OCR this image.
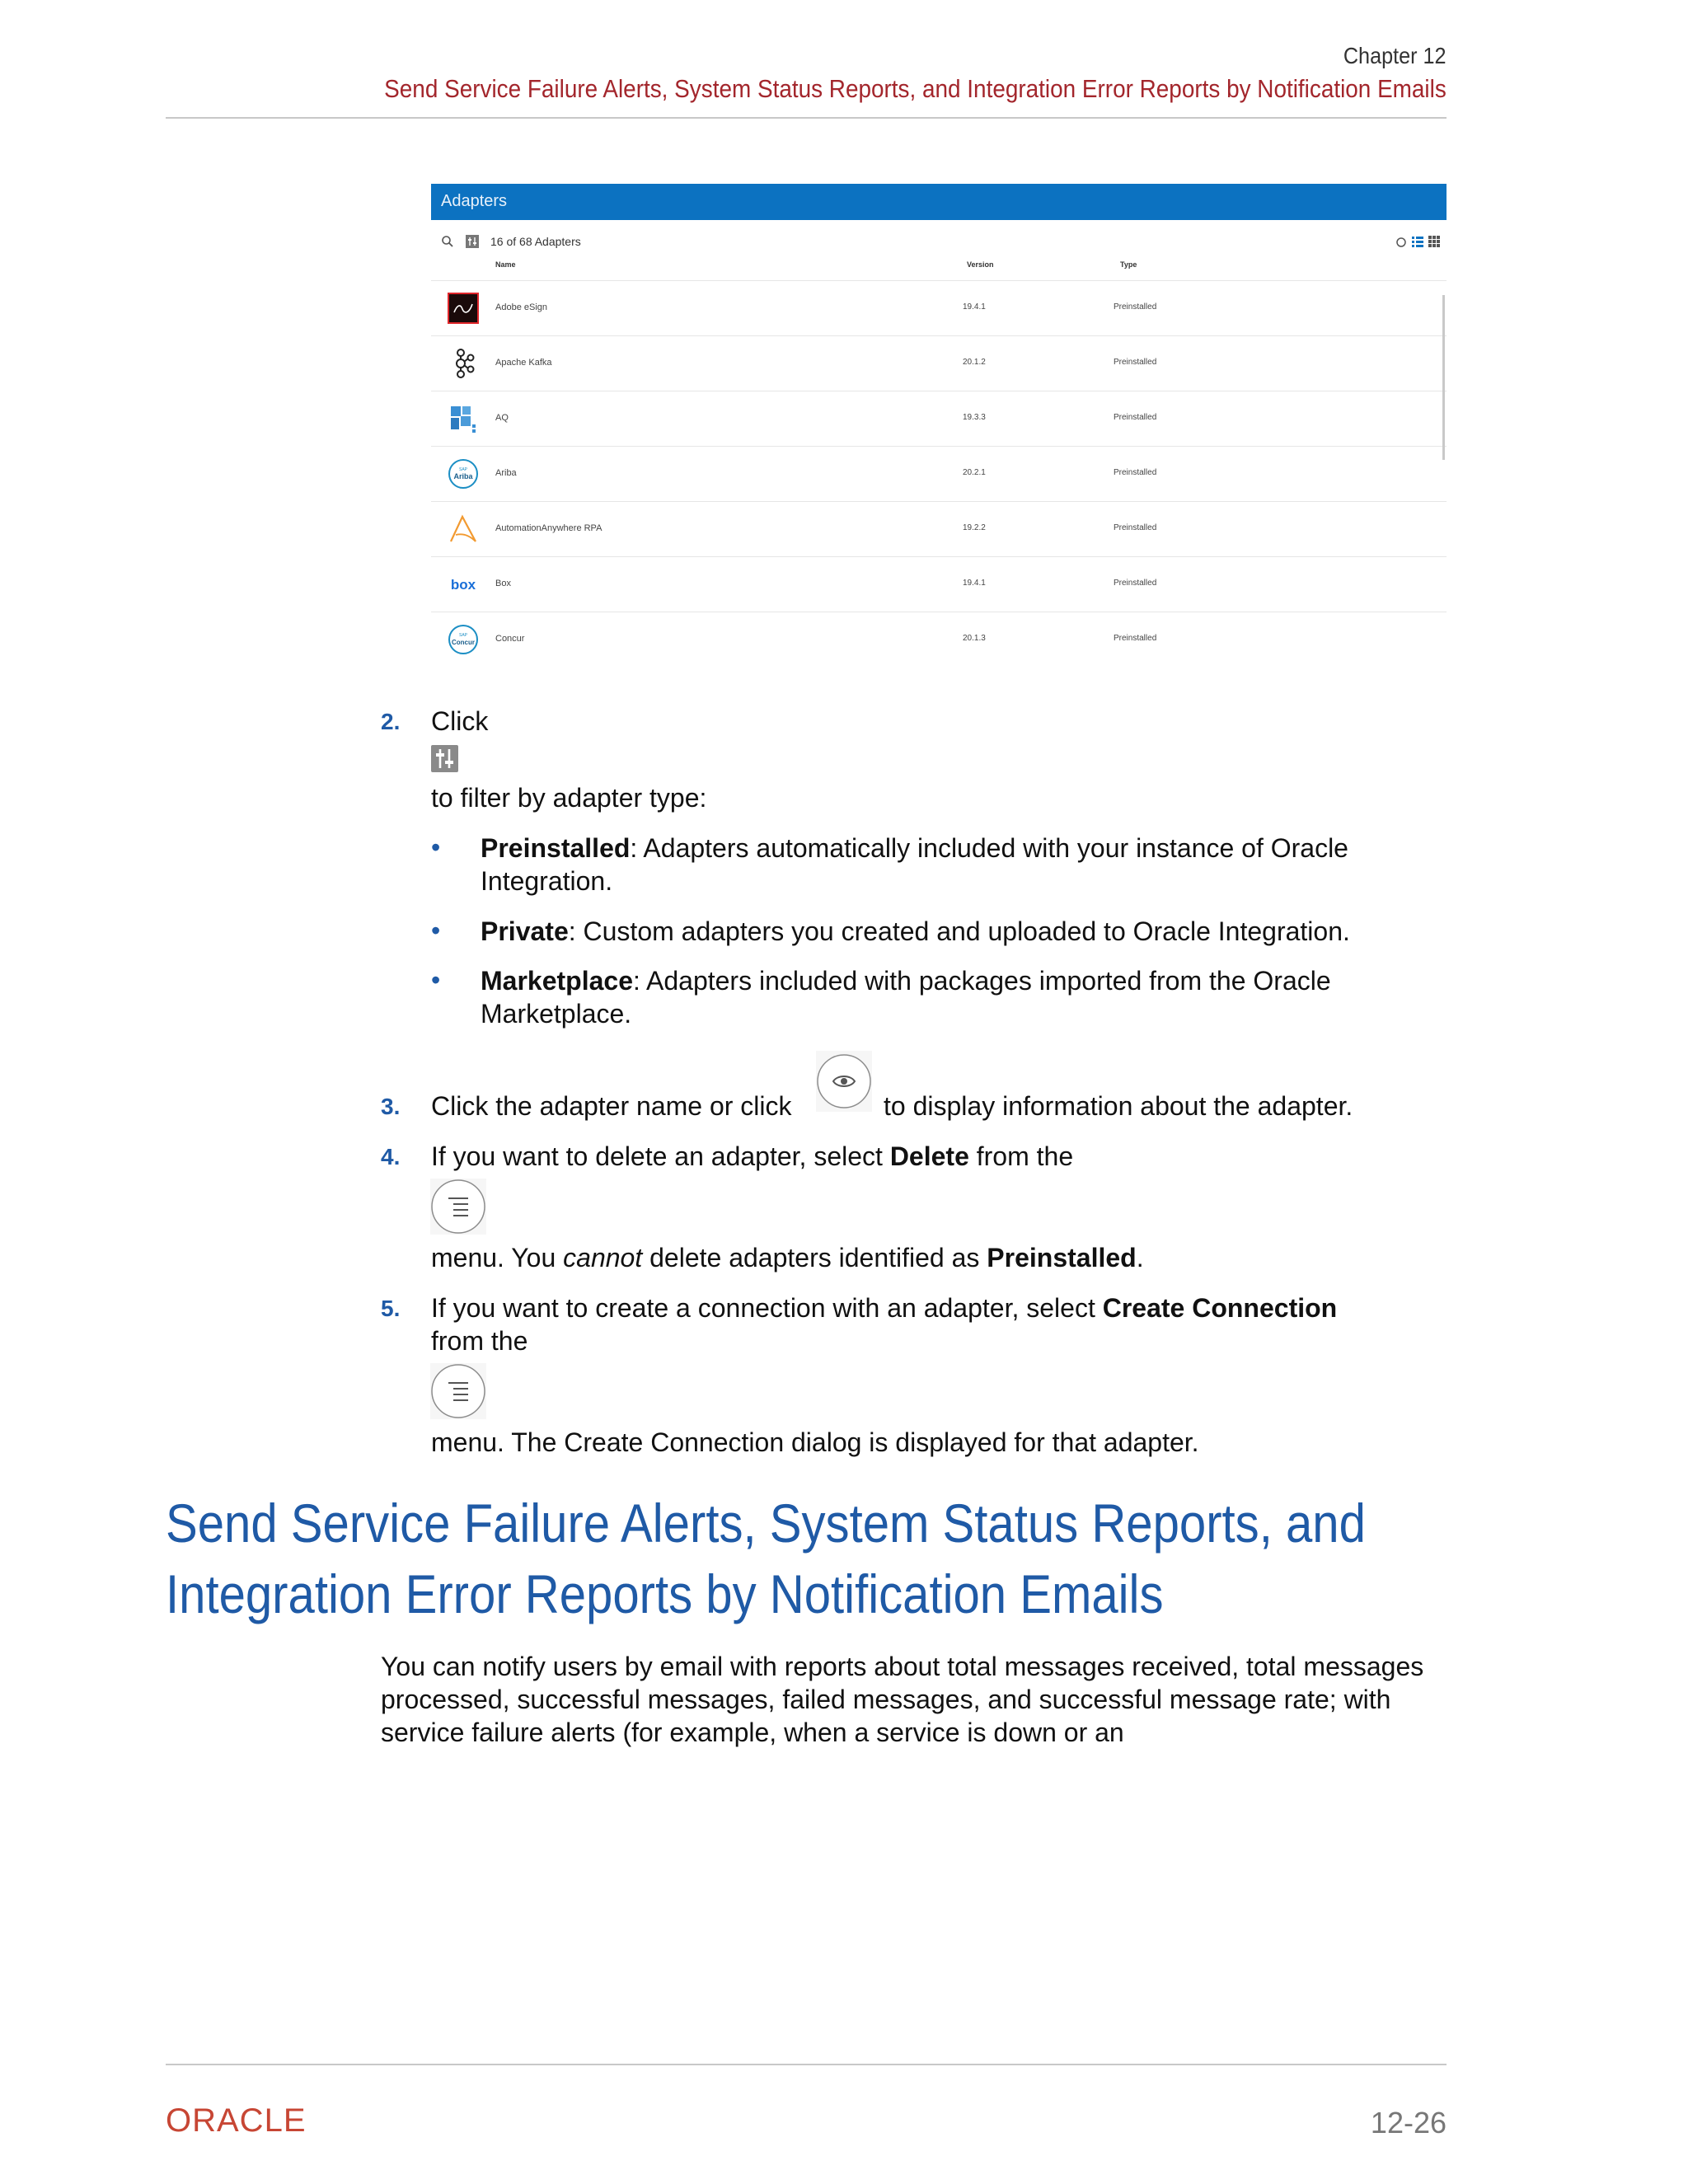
Chapter 12
Send Service Failure Alerts, System Status Reports, and Integration Error Reports by Notification Emails
Adapters
16 of 68 Adapters
Name	Version	Type
Adobe eSign	19.4.1	Preinstalled
Apache Kafka	20.1.2	Preinstalled
AQ	19.3.3	Preinstalled
SAP
Ariba Ariba	20.2.1	Preinstalled
AutomationAnywhere RPA	19.2.2	Preinstalled
box Box	19.4.1	Preinstalled
SAP
Concur Concur	20.1.3	Preinstalled
2. Click
to filter by adapter type:
• Preinstalled: Adapters automatically included with your instance of Oracle
Integration.
• Private: Custom adapters you created and uploaded to Oracle Integration.
• Marketplace: Adapters included with packages imported from the Oracle
Marketplace.
3. Click the adapter name or click	to display information about the adapter.
4. If you want to delete an adapter, select Delete from the
menu. You cannot delete adapters identified as Preinstalled.
5. If you want to create a connection with an adapter, select Create Connection
from the
menu. The Create Connection dialog is displayed for that adapter.
Send Service Failure Alerts, System Status Reports, and
Integration Error Reports by Notification Emails
You can notify users by email with reports about total messages received, total messages processed, successful messages, failed messages, and successful message rate; with service failure alerts (for example, when a service is down or an
ORACLE	12-26
